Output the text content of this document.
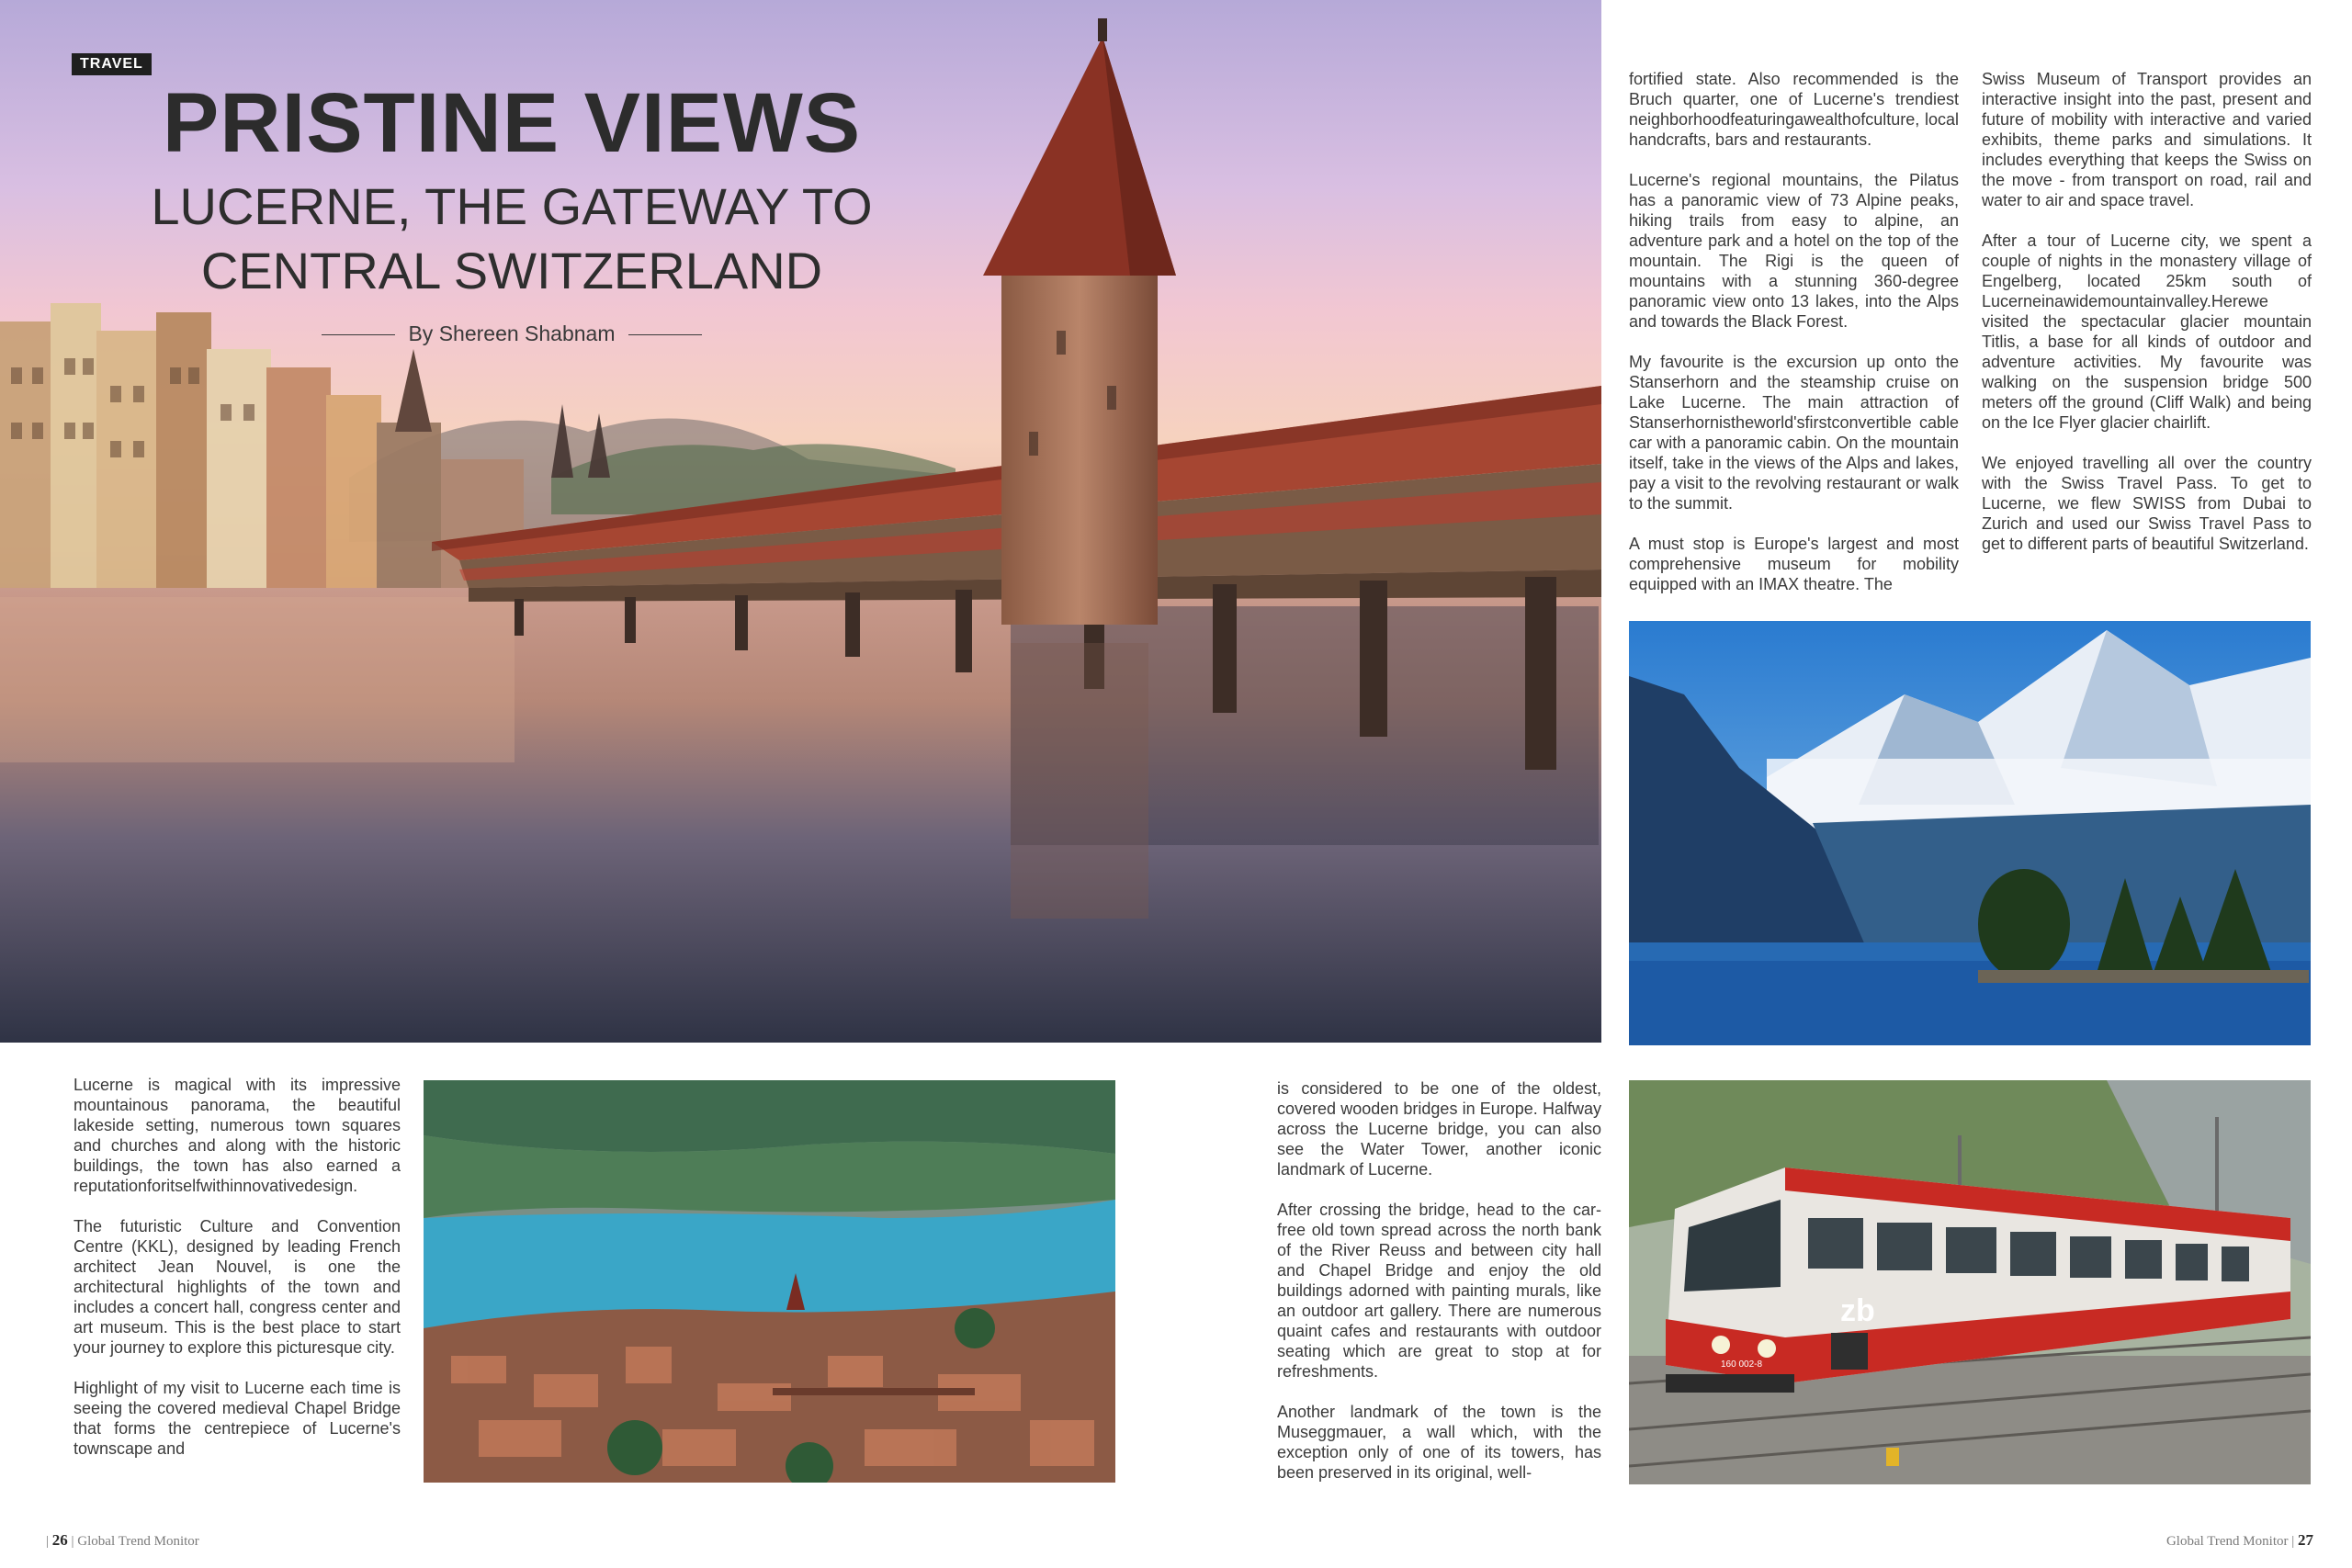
TRAVEL
PRISTINE VIEWS
LUCERNE, THE GATEWAY TO
CENTRAL SWITZERLAND
By Shereen Shabnam

Lucerne is magical with its impressive mountainous panorama, the beautiful lakeside setting, numerous town squares and churches and along with the historic buildings, the town has also earned a reputationforitselfwithinnovativedesign.

The futuristic Culture and Convention Centre (KKL), designed by leading French architect Jean Nouvel, is one the architectural highlights of the town and includes a concert hall, congress center and art museum. This is the best place to start your journey to explore this picturesque city.

Highlight of my visit to Lucerne each time is seeing the covered medieval Chapel Bridge that forms the centrepiece of Lucerne's townscape and

is considered to be one of the oldest, covered wooden bridges in Europe. Halfway across the Lucerne bridge, you can also see the Water Tower, another iconic landmark of Lucerne.

After crossing the bridge, head to the car-free old town spread across the north bank of the River Reuss and between city hall and Chapel Bridge and enjoy the old buildings adorned with painting murals, like an outdoor art gallery. There are numerous quaint cafes and restaurants with outdoor seating which are great to stop at for refreshments.

Another landmark of the town is the Museggmauer, a wall which, with the exception only of one of its towers, has been preserved in its original, well-

fortified state. Also recommended is the Bruch quarter, one of Lucerne's trendiest neighborhoodfeaturingawealthofculture, local handcrafts, bars and restaurants.

Lucerne's regional mountains, the Pilatus has a panoramic view of 73 Alpine peaks, hiking trails from easy to alpine, an adventure park and a hotel on the top of the mountain. The Rigi is the queen of mountains with a stunning 360-degree panoramic view onto 13 lakes, into the Alps and towards the Black Forest.

My favourite is the excursion up onto the Stanserhorn and the steamship cruise on Lake Lucerne. The main attraction of Stanserhornistheworld'sfirstconvertible cable car with a panoramic cabin. On the mountain itself, take in the views of the Alps and lakes, pay a visit to the revolving restaurant or walk to the summit.

A must stop is Europe's largest and most comprehensive museum for mobility equipped with an IMAX theatre. The

Swiss Museum of Transport provides an interactive insight into the past, present and future of mobility with interactive and varied exhibits, theme parks and simulations. It includes everything that keeps the Swiss on the move - from transport on road, rail and water to air and space travel.

After a tour of Lucerne city, we spent a couple of nights in the monastery village of Engelberg, located 25km south of Lucerneinawidemountainvalley.Herewe visited the spectacular glacier mountain Titlis, a base for all kinds of outdoor and adventure activities. My favourite was walking on the suspension bridge 500 meters off the ground (Cliff Walk) and being on the Ice Flyer glacier chairlift.

We enjoyed travelling all over the country with the Swiss Travel Pass. To get to Lucerne, we flew SWISS from Dubai to Zurich and used our Swiss Travel Pass to get to different parts of beautiful Switzerland.

zb
160 002-8
| 26 | Global Trend Monitor	Global Trend Monitor | 27
